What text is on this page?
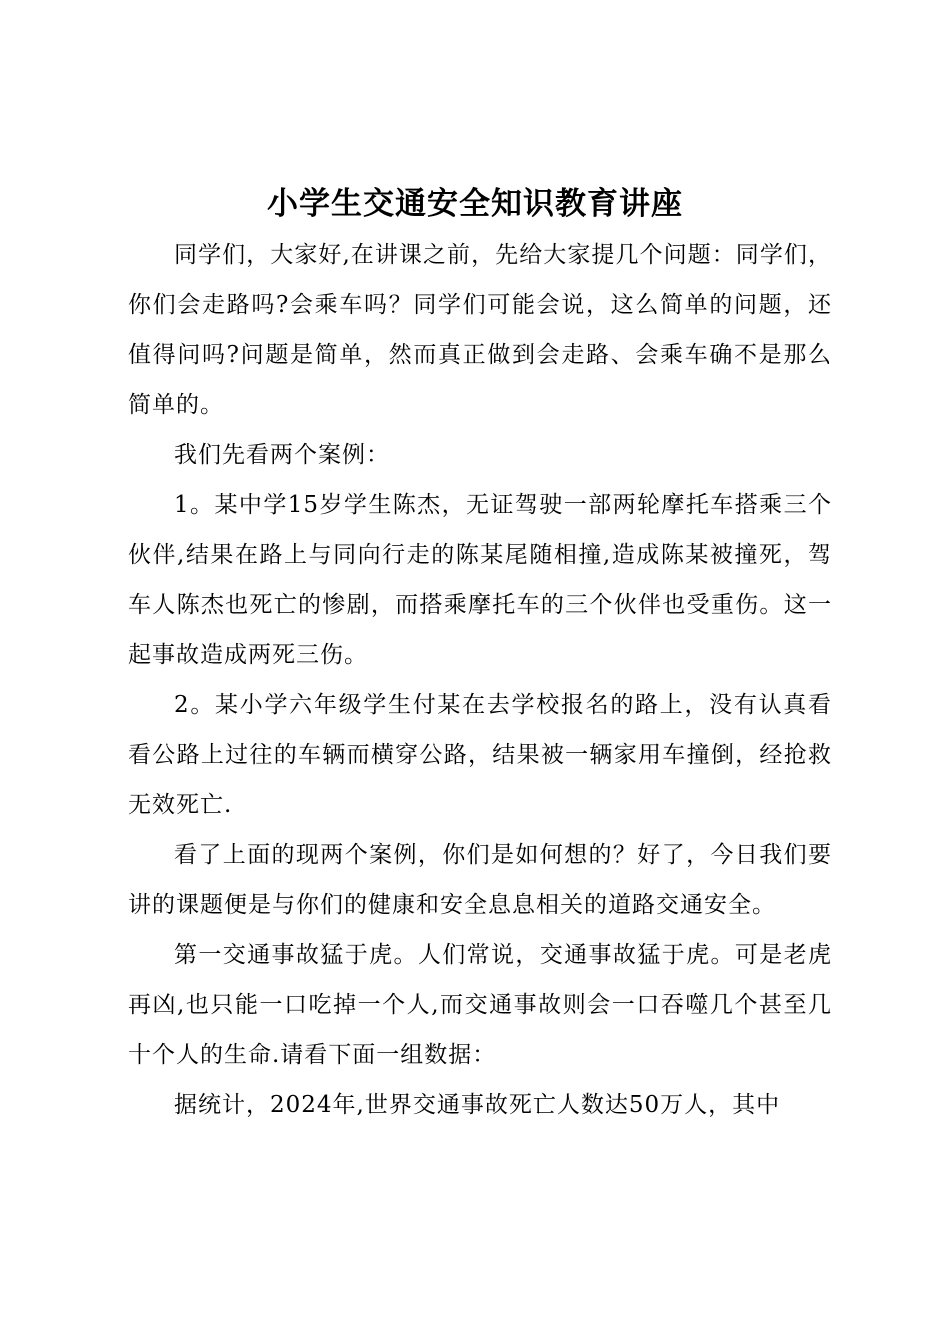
小学生交通安全知识教育讲座

同学们，大家好,在讲课之前，先给大家提几个问题：同学们，你们会走路吗?会乘车吗？同学们可能会说，这么简单的问题，还值得问吗?问题是简单，然而真正做到会走路、会乘车确不是那么简单的。

我们先看两个案例：

1。某中学15岁学生陈杰，无证驾驶一部两轮摩托车搭乘三个伙伴,结果在路上与同向行走的陈某尾随相撞,造成陈某被撞死，驾车人陈杰也死亡的惨剧，而搭乘摩托车的三个伙伴也受重伤。这一起事故造成两死三伤。

2。某小学六年级学生付某在去学校报名的路上，没有认真看看公路上过往的车辆而横穿公路，结果被一辆家用车撞倒，经抢救无效死亡.

看了上面的现两个案例，你们是如何想的？好了，今日我们要讲的课题便是与你们的健康和安全息息相关的道路交通安全。

第一交通事故猛于虎。人们常说，交通事故猛于虎。可是老虎再凶,也只能一口吃掉一个人,而交通事故则会一口吞噬几个甚至几十个人的生命.请看下面一组数据：

据统计，2024年,世界交通事故死亡人数达50万人，其中
